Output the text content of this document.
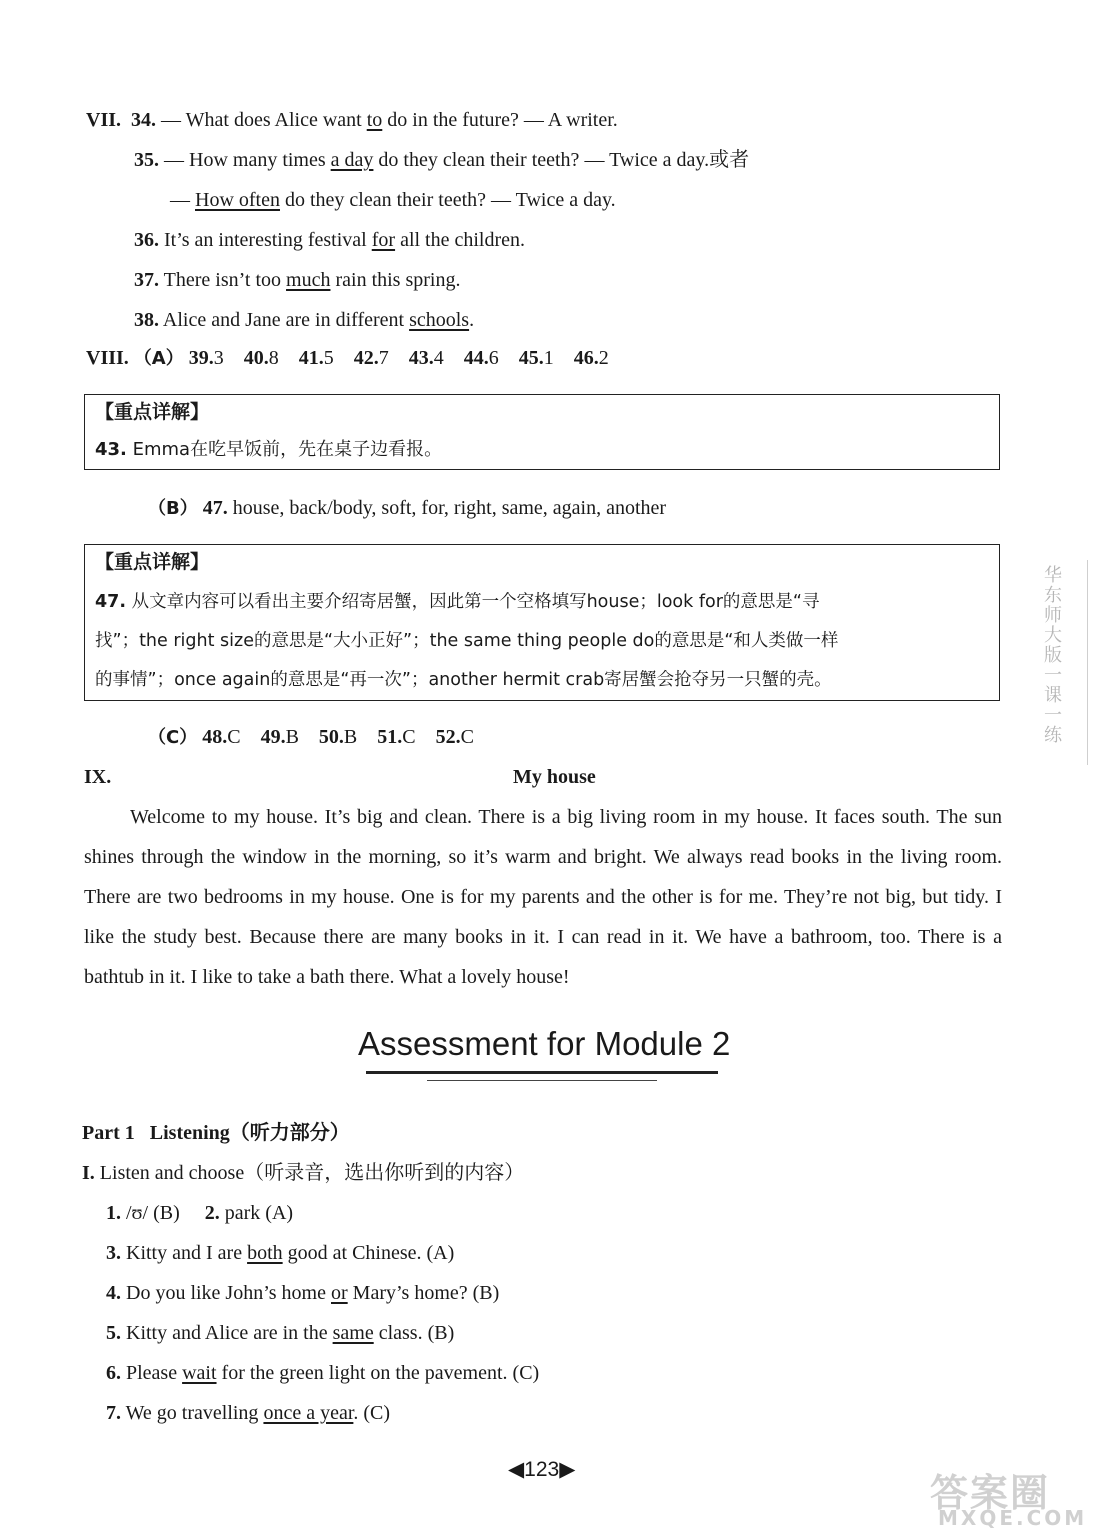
VII. 34. — What does Alice want to do in the future? — A writer.
35. — How many times a day do they clean their teeth? — Twice a day.或者
— How often do they clean their teeth? — Twice a day.
36. It’s an interesting festival for all the children.
37. There isn’t too much rain this spring.
38. Alice and Jane are in different schools.
VIII. （A） 39.3 40.8 41.5 42.7 43.4 44.6 45.1 46.2
【重点详解】
43. Emma在吃早饭前，先在桌子边看报。
（B） 47. house, back/body, soft, for, right, same, again, another
【重点详解】
47. 从文章内容可以看出主要介绍寄居蟹，因此第一个空格填写house；look for的意思是“寻
找”；the right size的意思是“大小正好”；the same thing people do的意思是“和人类做一样
的事情”；once again的意思是“再一次”；another hermit crab寄居蟹会抢夺另一只蟹的壳。
（C） 48.C 49.B 50.B 51.C 52.C
IX.	My house
Welcome to my house. It’s big and clean. There is a big living room in my house. It faces south. The sun shines through the window in the morning, so it’s warm and bright. We always read books in the living room. There are two bedrooms in my house. One is for my parents and the other is for me. They’re not big, but tidy. I like the study best. Because there are many books in it. I can read in it. We have a bathroom, too. There is a bathtub in it. I like to take a bath there. What a lovely house!
Assessment for Module 2
Part 1 Listening（听力部分）
I. Listen and choose（听录音，选出你听到的内容）
1. /ʊ/ (B) 2. park (A)
3. Kitty and I are both good at Chinese. (A)
4. Do you like John’s home or Mary’s home? (B)
5. Kitty and Alice are in the same class. (B)
6. Please wait for the green light on the pavement. (C)
7. We go travelling once a year. (C)
◀123▶
华东师大版一课一练
答案圈
MXQE.COM
